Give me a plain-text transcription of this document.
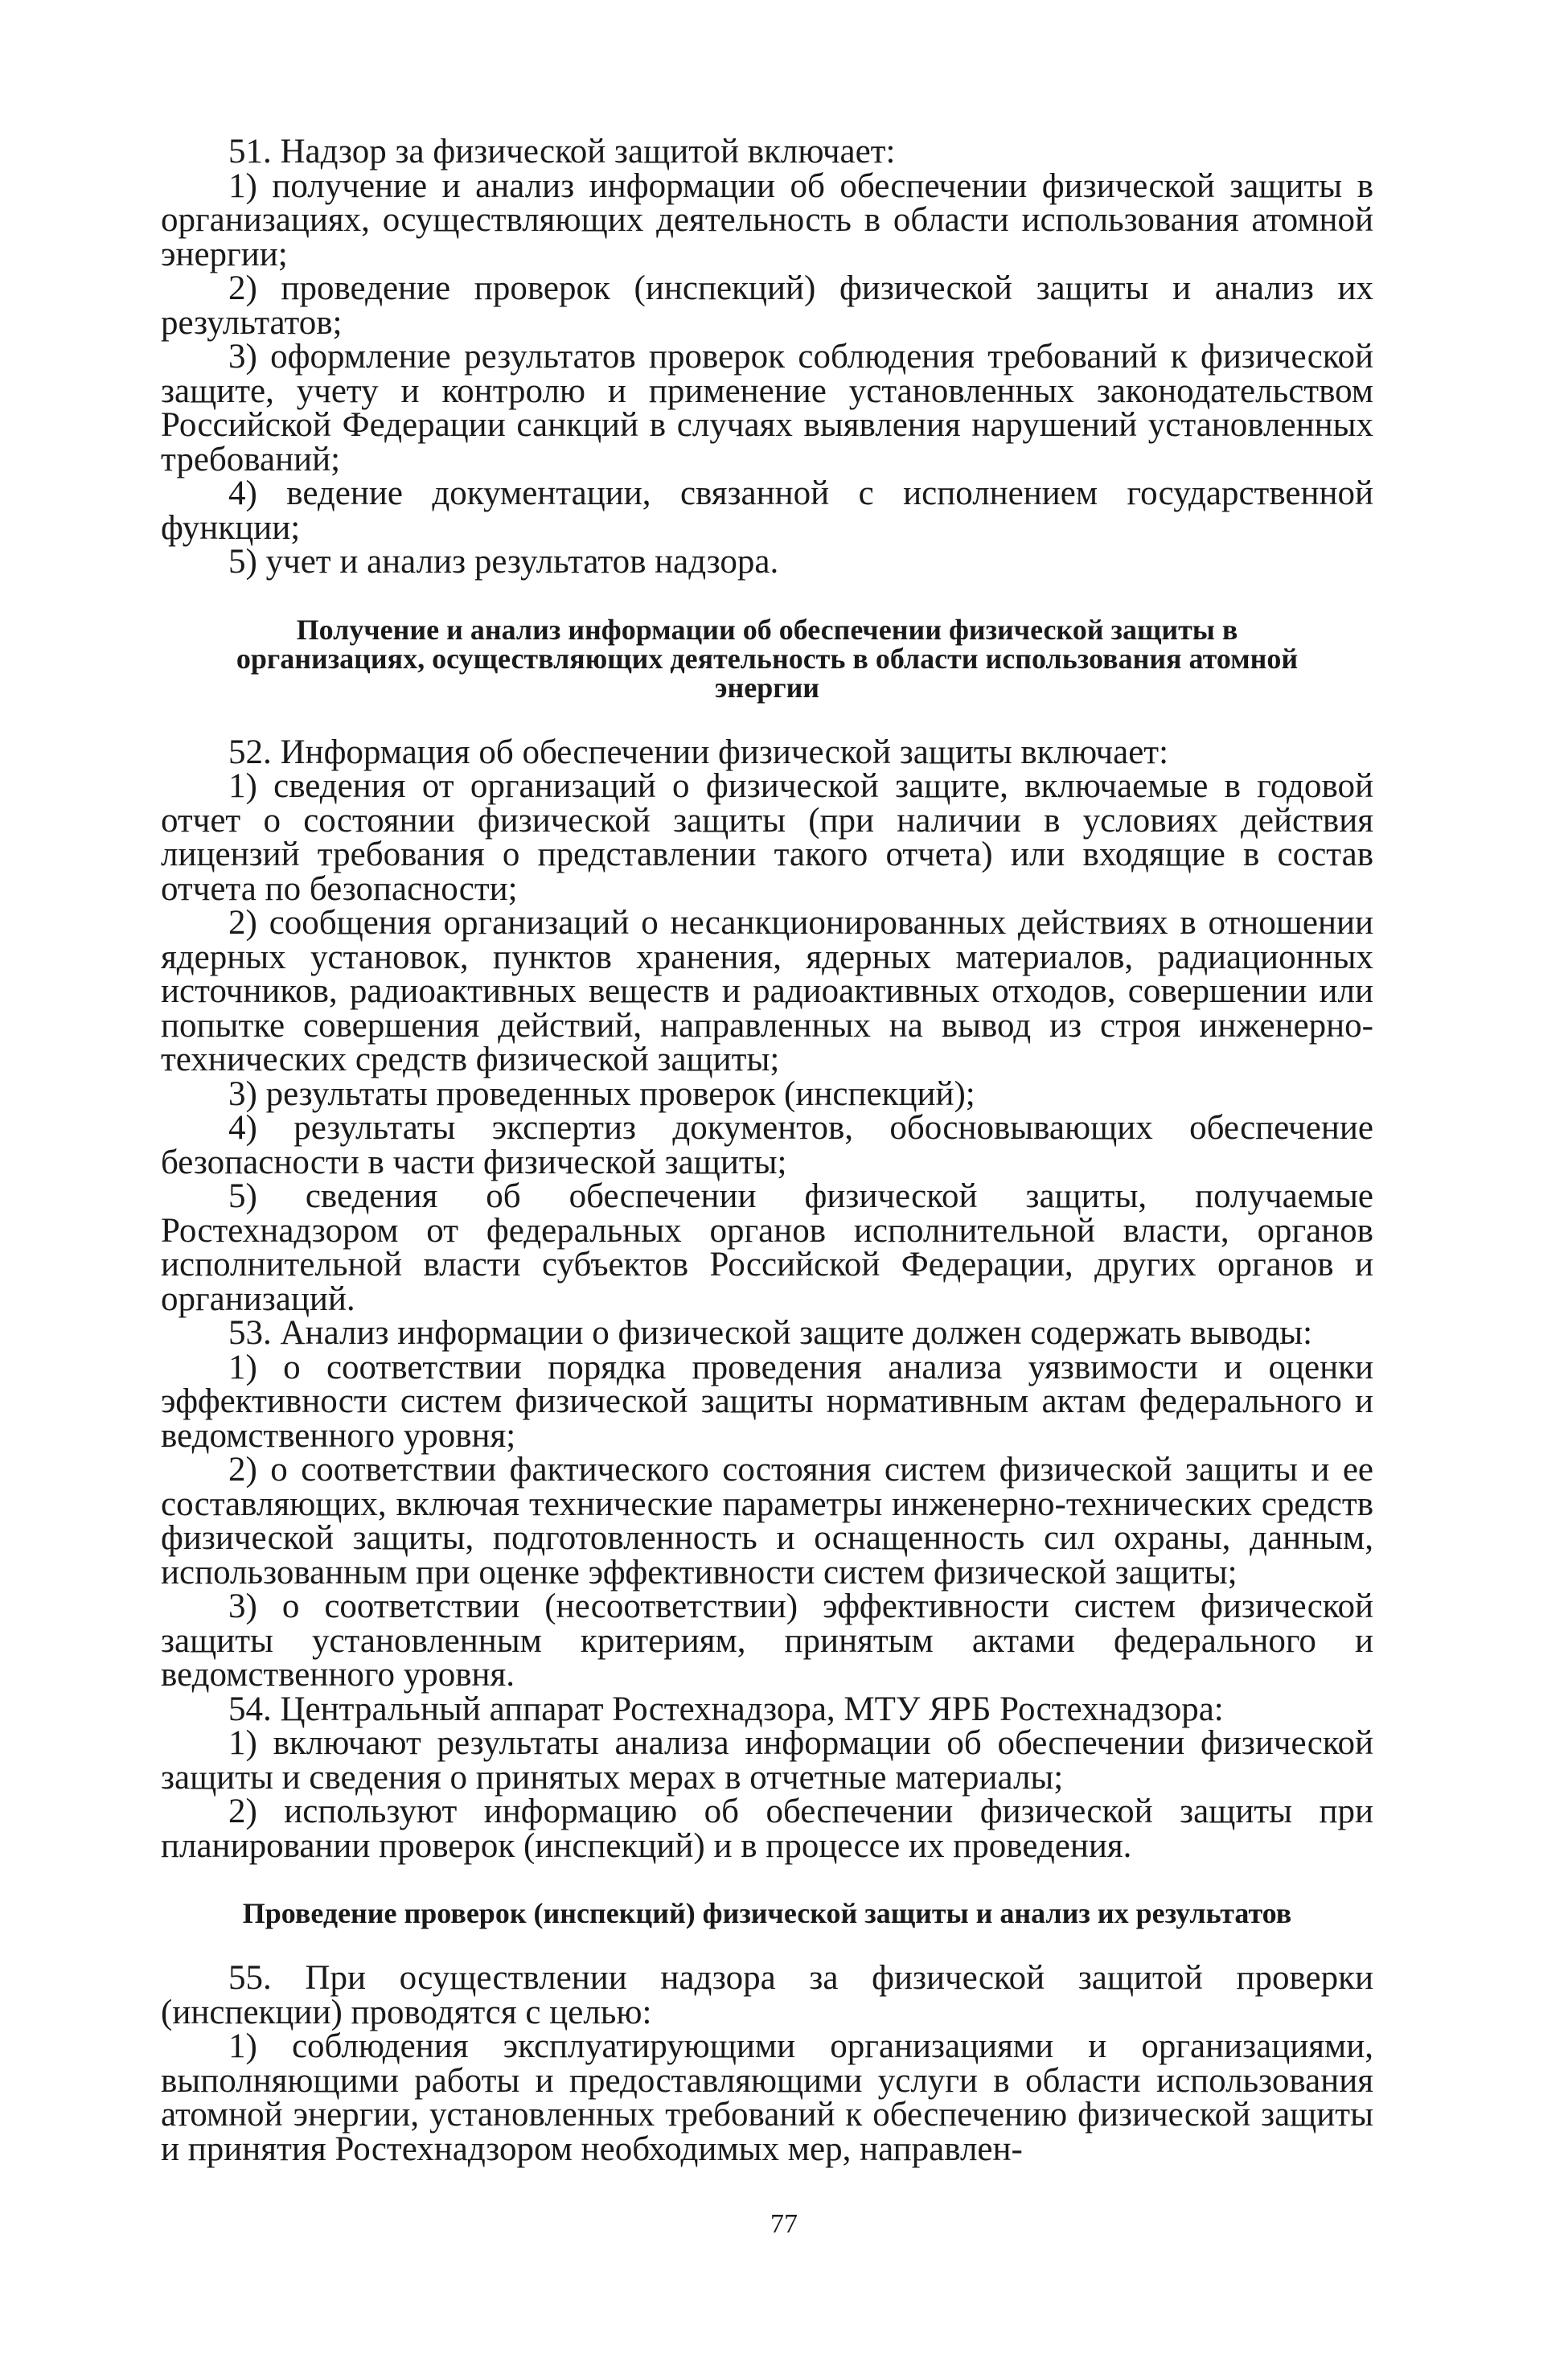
51. Надзор за физической защитой включает:

1) получение и анализ информации об обеспечении физической защиты в организациях, осуществляющих деятельность в области использования атомной энергии;

2) проведение проверок (инспекций) физической защиты и анализ их результатов;

3) оформление результатов проверок соблюдения требований к физической защите, учету и контролю и применение установленных законодательством Российской Федерации санкций в случаях выявления нарушений установленных требований;

4) ведение документации, связанной с исполнением государственной функции;

5) учет и анализ результатов надзора.

Получение и анализ информации об обеспечении физической защиты в организациях, осуществляющих деятельность в области использования атомной энергии

52. Информация об обеспечении физической защиты включает:

1) сведения от организаций о физической защите, включаемые в годовой отчет о состоянии физической защиты (при наличии в условиях действия лицензий требования о представлении такого отчета) или входящие в состав отчета по безопасности;

2) сообщения организаций о несанкционированных действиях в отношении ядерных установок, пунктов хранения, ядерных материалов, радиационных источников, радиоактивных веществ и радиоактивных отходов, совершении или попытке совершения действий, направленных на вывод из строя инженерно-технических средств физической защиты;

3) результаты проведенных проверок (инспекций);

4) результаты экспертиз документов, обосновывающих обеспечение безопасности в части физической защиты;

5) сведения об обеспечении физической защиты, получаемые Ростехнадзором от федеральных органов исполнительной власти, органов исполнительной власти субъектов Российской Федерации, других органов и организаций.

53. Анализ информации о физической защите должен содержать выводы:

1) о соответствии порядка проведения анализа уязвимости и оценки эффективности систем физической защиты нормативным актам федерального и ведомственного уровня;

2) о соответствии фактического состояния систем физической защиты и ее составляющих, включая технические параметры инженерно-технических средств физической защиты, подготовленность и оснащенность сил охраны, данным, использованным при оценке эффективности систем физической защиты;

3) о соответствии (несоответствии) эффективности систем физической защиты установленным критериям, принятым актами федерального и ведомственного уровня.

54. Центральный аппарат Ростехнадзора, МТУ ЯРБ Ростехнадзора:

1) включают результаты анализа информации об обеспечении физической защиты и сведения о принятых мерах в отчетные материалы;

2) используют информацию об обеспечении физической защиты при планировании проверок (инспекций) и в процессе их проведения.

Проведение проверок (инспекций) физической защиты и анализ их результатов

55. При осуществлении надзора за физической защитой проверки (инспекции) проводятся с целью:

1) соблюдения эксплуатирующими организациями и организациями, выполняющими работы и предоставляющими услуги в области использования атомной энергии, установленных требований к обеспечению физической защиты и принятия Ростехнадзором необходимых мер, направлен-

77
